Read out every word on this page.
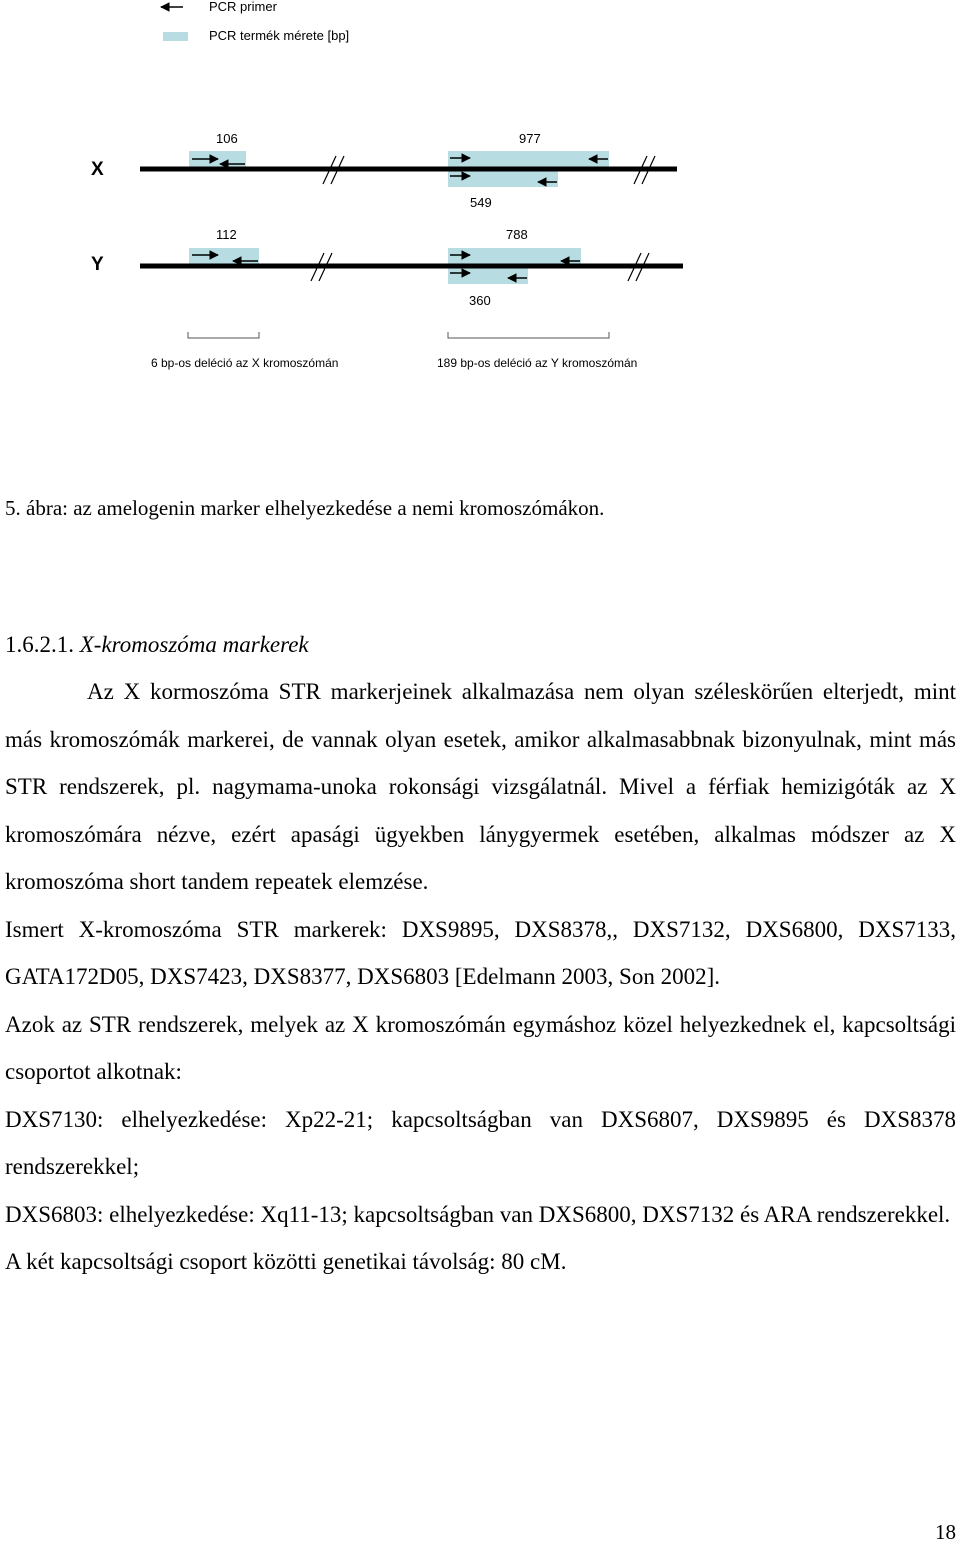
PCR primer
PCR termék mérete [bp]
X
106	977
549
Y
112	788
360
6 bp-os deléció az X kromoszómán	189 bp-os deléció az Y kromoszómán
5. ábra: az amelogenin marker elhelyezkedése a nemi kromoszómákon.
1.6.2.1. X-kromoszóma markerek

Az X kormoszóma STR markerjeinek alkalmazása nem olyan széleskörűen elterjedt, mint más kromoszómák markerei, de vannak olyan esetek, amikor alkalmasabbnak bizonyulnak, mint más STR rendszerek, pl. nagymama-unoka rokonsági vizsgálatnál. Mivel a férfiak hemizigóták az X kromoszómára nézve, ezért apasági ügyekben lánygyermek esetében, alkalmas módszer az X kromoszóma short tandem repeatek elemzése.

Ismert X-kromoszóma STR markerek: DXS9895, DXS8378,, DXS7132, DXS6800, DXS7133, GATA172D05, DXS7423, DXS8377, DXS6803 [Edelmann 2003, Son 2002].

Azok az STR rendszerek, melyek az X kromoszómán egymáshoz közel helyezkednek el, kapcsoltsági csoportot alkotnak:

DXS7130: elhelyezkedése: Xp22-21; kapcsoltságban van DXS6807, DXS9895 és DXS8378 rendszerekkel;

DXS6803: elhelyezkedése: Xq11-13; kapcsoltságban van DXS6800, DXS7132 és ARA rendszerekkel.

A két kapcsoltsági csoport közötti genetikai távolság: 80 cM.

18
